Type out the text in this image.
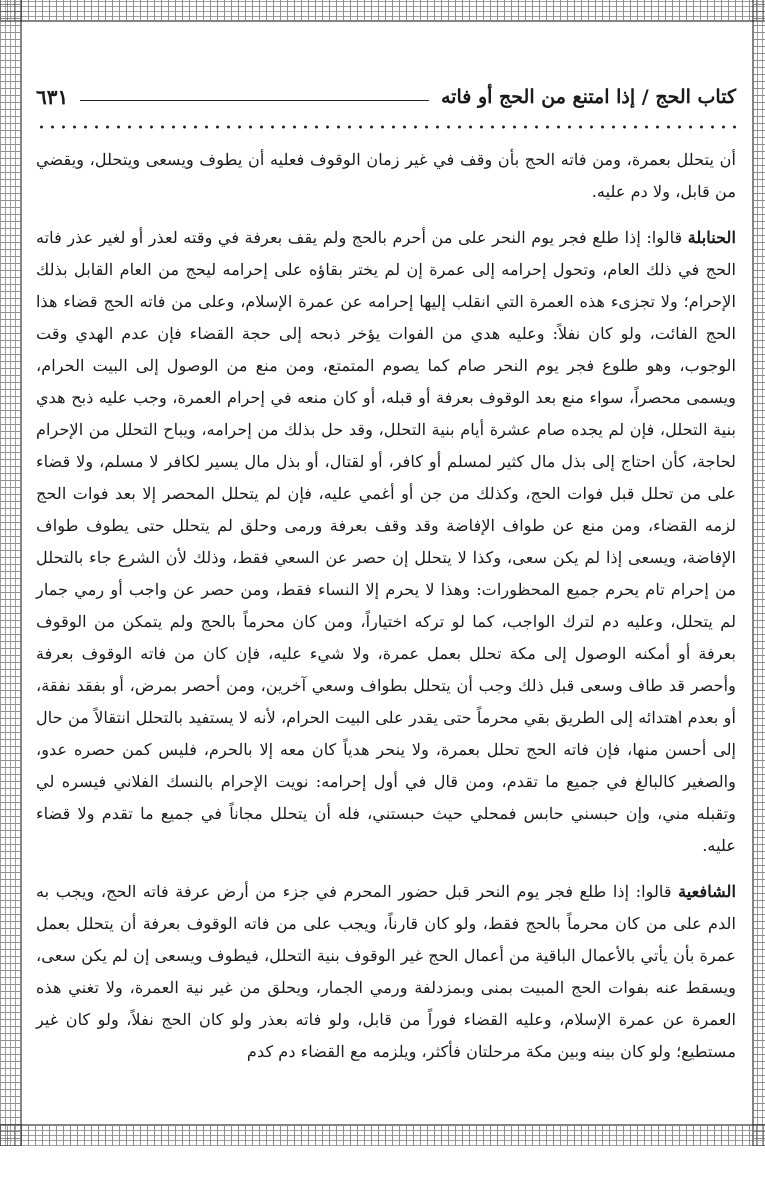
كتاب الحج / إذا امتنع من الحج أو فاته
٦٣١

أن يتحلل بعمرة، ومن فاته الحج بأن وقف في غير زمان الوقوف فعليه أن يطوف ويسعى ويتحلل، ويقضي من قابل، ولا دم عليه.

الحنابلة قالوا: إذا طلع فجر يوم النحر على من أحرم بالحج ولم يقف بعرفة في وقته لعذر أو لغير عذر فاته الحج في ذلك العام، وتحول إحرامه إلى عمرة إن لم يختر بقاؤه على إحرامه ليحج من العام القابل بذلك الإحرام؛ ولا تجزىء هذه العمرة التي انقلب إليها إحرامه عن عمرة الإسلام، وعلى من فاته الحج قضاء هذا الحج الفائت، ولو كان نفلاً: وعليه هدي من الفوات يؤخر ذبحه إلى حجة القضاء فإن عدم الهدي وقت الوجوب، وهو طلوع فجر يوم النحر صام كما يصوم المتمتع، ومن منع من الوصول إلى البيت الحرام، ويسمى محصراً، سواء منع بعد الوقوف بعرفة أو قبله، أو كان منعه في إحرام العمرة، وجب عليه ذبح هدي بنية التحلل، فإن لم يجده صام عشرة أيام بنية التحلل، وقد حل بذلك من إحرامه، ويباح التحلل من الإحرام لحاجة، كأن احتاج إلى بذل مال كثير لمسلم أو كافر، أو لقتال، أو بذل مال يسير لكافر لا مسلم، ولا قضاء على من تحلل قبل فوات الحج، وكذلك من جن أو أغمي عليه، فإن لم يتحلل المحصر إلا بعد فوات الحج لزمه القضاء، ومن منع عن طواف الإفاضة وقد وقف بعرفة ورمى وحلق لم يتحلل حتى يطوف طواف الإفاضة، ويسعى إذا لم يكن سعى، وكذا لا يتحلل إن حصر عن السعي فقط، وذلك لأن الشرع جاء بالتحلل من إحرام تام يحرم جميع المحظورات: وهذا لا يحرم إلا النساء فقط، ومن حصر عن واجب أو رمي جمار لم يتحلل، وعليه دم لترك الواجب، كما لو تركه اختياراً، ومن كان محرماً بالحج ولم يتمكن من الوقوف بعرفة أو أمكنه الوصول إلى مكة تحلل بعمل عمرة، ولا شيء عليه، فإن كان من فاته الوقوف بعرفة وأحصر قد طاف وسعى قبل ذلك وجب أن يتحلل بطواف وسعي آخرين، ومن أحصر بمرض، أو بفقد نفقة، أو بعدم اهتدائه إلى الطريق بقي محرماً حتى يقدر على البيت الحرام، لأنه لا يستفيد بالتحلل انتقالاً من حال إلى أحسن منها، فإن فاته الحج تحلل بعمرة، ولا ينحر هدياً كان معه إلا بالحرم، فليس كمن حصره عدو، والصغير كالبالغ في جميع ما تقدم، ومن قال في أول إحرامه: نويت الإحرام بالنسك الفلاني فيسره لي وتقبله مني، وإن حبسني حابس فمحلي حيث حبستني، فله أن يتحلل مجاناً في جميع ما تقدم ولا قضاء عليه.

الشافعية قالوا: إذا طلع فجر يوم النحر قبل حضور المحرم في جزء من أرض عرفة فاته الحج، ويجب به الدم على من كان محرماً بالحج فقط، ولو كان قارناً، ويجب على من فاته الوقوف بعرفة أن يتحلل بعمل عمرة بأن يأتي بالأعمال الباقية من أعمال الحج غير الوقوف بنية التحلل، فيطوف ويسعى إن لم يكن سعى، ويسقط عنه بفوات الحج المبيت بمنى وبمزدلفة ورمي الجمار، ويحلق من غير نية العمرة، ولا تغني هذه العمرة عن عمرة الإسلام، وعليه القضاء فوراً من قابل، ولو فاته بعذر ولو كان الحج نفلاً، ولو كان غير مستطيع؛ ولو كان بينه وبين مكة مرحلتان فأكثر، ويلزمه مع القضاء دم كدم
